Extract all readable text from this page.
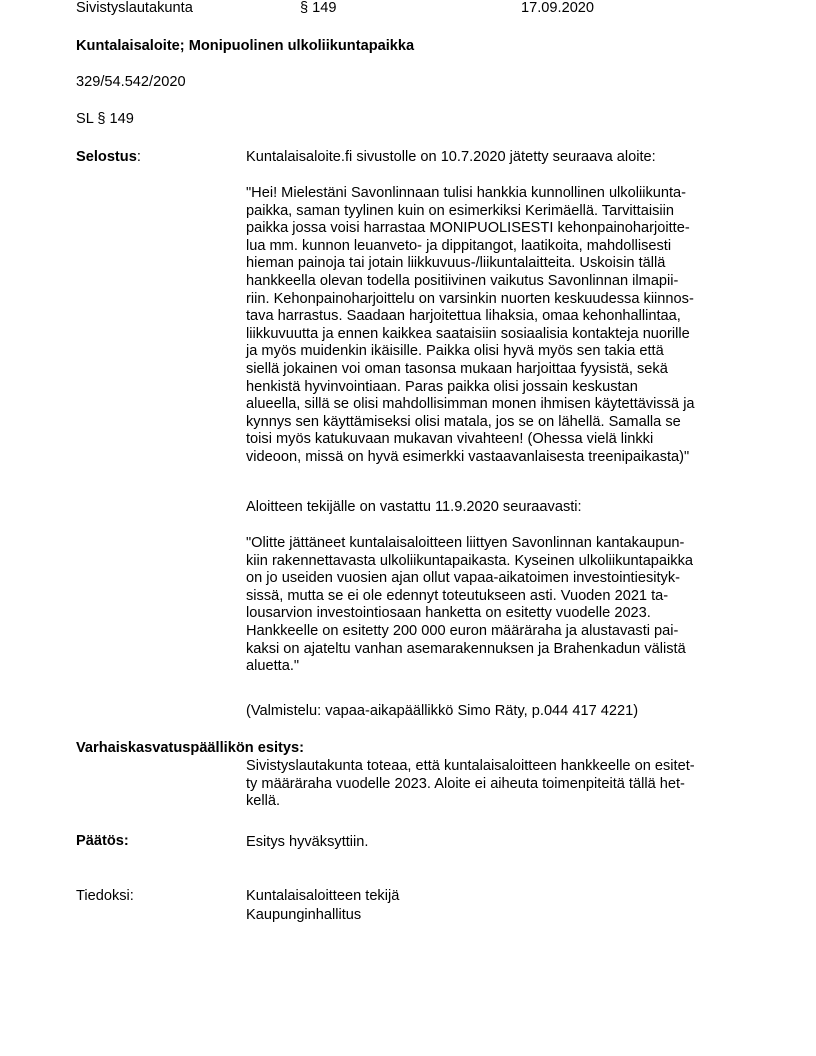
Sivistyslautakunta	§ 149	17.09.2020
Kuntalaisaloite; Monipuolinen ulkoliikuntapaikka
329/54.542/2020
SL § 149
Selostus:	Kuntalaisaloite.fi sivustolle on 10.7.2020 jätetty seuraava aloite:
"Hei! Mielestäni Savonlinnaan tulisi hankkia kunnollinen ulkoliikunta-
paikka, saman tyylinen kuin on esimerkiksi Kerimäellä. Tarvittaisiin
paikka jossa voisi harrastaa MONIPUOLISESTI kehonpainoharjoitte-
lua mm. kunnon leuanveto- ja dippitangot, laatikoita, mahdollisesti
hieman painoja tai jotain liikkuvuus-/liikuntalaitteita. Uskoisin tällä
hankkeella olevan todella positiivinen vaikutus Savonlinnan ilmapii-
riin. Kehonpainoharjoittelu on varsinkin nuorten keskuudessa kiinnos-
tava harrastus. Saadaan harjoitettua lihaksia, omaa kehonhallintaa,
liikkuvuutta ja ennen kaikkea saataisiin sosiaalisia kontakteja nuorille
ja myös muidenkin ikäisille. Paikka olisi hyvä myös sen takia että
siellä jokainen voi oman tasonsa mukaan harjoittaa fyysistä, sekä
henkistä hyvinvointiaan. Paras paikka olisi jossain keskustan
alueella, sillä se olisi mahdollisimman monen ihmisen käytettävissä ja
kynnys sen käyttämiseksi olisi matala, jos se on lähellä. Samalla se
toisi myös katukuvaan mukavan vivahteen! (Ohessa vielä linkki
videoon, missä on hyvä esimerkki vastaavanlaisesta treenipaikasta)"
Aloitteen tekijälle on vastattu 11.9.2020 seuraavasti:
"Olitte jättäneet kuntalaisaloitteen liittyen Savonlinnan kantakaupun-
kiin rakennettavasta ulkoliikuntapaikasta. Kyseinen ulkoliikuntapaikka
on jo useiden vuosien ajan ollut vapaa-aikatoimen investointiesityk-
sissä, mutta se ei ole edennyt toteutukseen asti. Vuoden 2021 ta-
lousarvion investointiosaan hanketta on esitetty vuodelle 2023.
Hankkeelle on esitetty 200 000 euron määräraha ja alustavasti pai-
kaksi on ajateltu vanhan asemarakennuksen ja Brahenkadun välistä
aluetta."
(Valmistelu: vapaa-aikapäällikkö Simo Räty, p.044 417 4221)
Varhaiskasvatuspäällikön esitys:
Sivistyslautakunta toteaa, että kuntalaisaloitteen hankkeelle on esitet-
ty määräraha vuodelle 2023. Aloite ei aiheuta toimenpiteitä tällä het-
kellä.
Päätös:	Esitys hyväksyttiin.
Tiedoksi:	Kuntalaisaloitteen tekijä
Kaupunginhallitus
